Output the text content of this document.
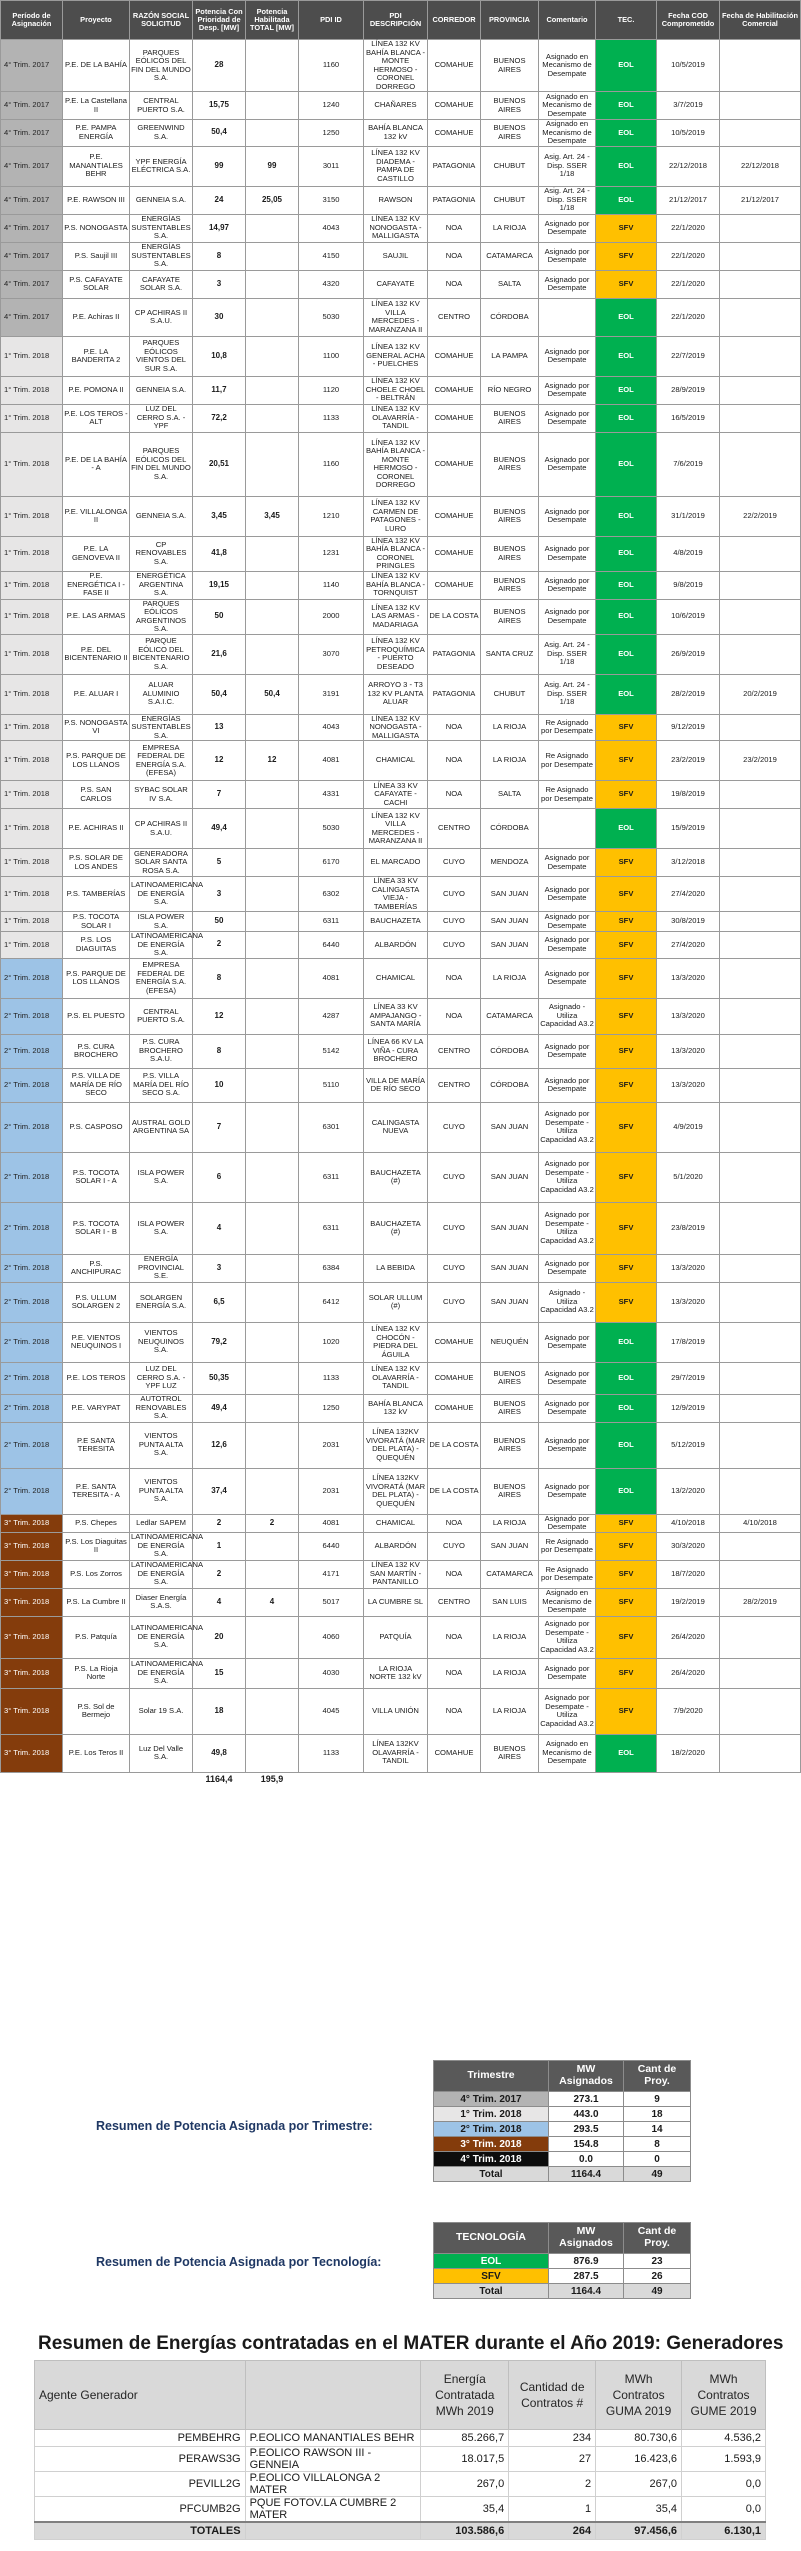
Período de Asignación	Proyecto	RAZÓN SOCIAL SOLICITUD	Potencia Con Prioridad de Desp. [MW]	Potencia Habilitada TOTAL [MW]	PDI ID	PDI DESCRIPCIÓN	CORREDOR	PROVINCIA	Comentario	TEC.	Fecha COD Comprometido	Fecha de Habilitación Comercial
4° Trim. 2017	P.E. DE LA BAHÍA	PARQUES EÓLICOS DEL FIN DEL MUNDO S.A.	28		1160	LÍNEA 132 KV BAHÍA BLANCA - MONTE HERMOSO - CORONEL DORREGO	COMAHUE	BUENOS AIRES	Asignado en Mecanismo de Desempate	EOL	10/5/2019	
4° Trim. 2017	P.E. La Castellana II	CENTRAL PUERTO S.A.	15,75		1240	CHAÑARES	COMAHUE	BUENOS AIRES	Asignado en Mecanismo de Desempate	EOL	3/7/2019	
4° Trim. 2017	P.E. PAMPA ENERGÍA	GREENWIND S.A.	50,4		1250	BAHÍA BLANCA 132 kV	COMAHUE	BUENOS AIRES	Asignado en Mecanismo de Desempate	EOL	10/5/2019	
4° Trim. 2017	P.E. MANANTIALES BEHR	YPF ENERGÍA ELÉCTRICA S.A.	99	99	3011	LÍNEA 132 KV DIADEMA - PAMPA DE CASTILLO	PATAGONIA	CHUBUT	Asig. Art. 24 - Disp. SSER 1/18	EOL	22/12/2018	22/12/2018
4° Trim. 2017	P.E. RAWSON III	GENNEIA S.A.	24	25,05	3150	RAWSON	PATAGONIA	CHUBUT	Asig. Art. 24 - Disp. SSER 1/18	EOL	21/12/2017	21/12/2017
4° Trim. 2017	P.S. NONOGASTA	ENERGÍAS SUSTENTABLES S.A.	14,97		4043	LÍNEA 132 KV NONOGASTA - MALLIGASTA	NOA	LA RIOJA	Asignado por Desempate	SFV	22/1/2020	
4° Trim. 2017	P.S. Saujil III	ENERGÍAS SUSTENTABLES S.A.	8		4150	SAUJIL	NOA	CATAMARCA	Asignado por Desempate	SFV	22/1/2020	
4° Trim. 2017	P.S. CAFAYATE SOLAR	CAFAYATE SOLAR S.A.	3		4320	CAFAYATE	NOA	SALTA	Asignado por Desempate	SFV	22/1/2020	
4° Trim. 2017	P.E. Achiras II	CP ACHIRAS II S.A.U.	30		5030	LÍNEA 132 KV VILLA MERCEDES - MARANZANA II	CENTRO	CÓRDOBA		EOL	22/1/2020	
1° Trim. 2018	P.E. LA BANDERITA 2	PARQUES EÓLICOS VIENTOS DEL SUR S.A.	10,8		1100	LÍNEA 132 KV GENERAL ACHA - PUELCHES	COMAHUE	LA PAMPA	Asignado por Desempate	EOL	22/7/2019	
1° Trim. 2018	P.E. POMONA II	GENNEIA S.A.	11,7		1120	LÍNEA 132 KV CHOELE CHOEL - BELTRÁN	COMAHUE	RÍO NEGRO	Asignado por Desempate	EOL	28/9/2019	
1° Trim. 2018	P.E. LOS TEROS - ALT	LUZ DEL CERRO S.A. - YPF	72,2		1133	LÍNEA 132 KV OLAVARRÍA - TANDIL	COMAHUE	BUENOS AIRES	Asignado por Desempate	EOL	16/5/2019	
1° Trim. 2018	P.E. DE LA BAHÍA - A	PARQUES EÓLICOS DEL FIN DEL MUNDO S.A.	20,51		1160	LÍNEA 132 KV BAHÍA BLANCA - MONTE HERMOSO - CORONEL DORREGO	COMAHUE	BUENOS AIRES	Asignado por Desempate	EOL	7/6/2019	
1° Trim. 2018	P.E. VILLALONGA II	GENNEIA S.A.	3,45	3,45	1210	LÍNEA 132 KV CARMEN DE PATAGONES - LURO	COMAHUE	BUENOS AIRES	Asignado por Desempate	EOL	31/1/2019	22/2/2019
1° Trim. 2018	P.E. LA GENOVEVA II	CP RENOVABLES S.A.	41,8		1231	LÍNEA 132 KV BAHÍA BLANCA - CORONEL PRINGLES	COMAHUE	BUENOS AIRES	Asignado por Desempate	EOL	4/8/2019	
1° Trim. 2018	P.E. ENERGÉTICA I - FASE II	ENERGÉTICA ARGENTINA S.A.	19,15		1140	LÍNEA 132 KV BAHÍA BLANCA - TORNQUIST	COMAHUE	BUENOS AIRES	Asignado por Desempate	EOL	9/8/2019	
1° Trim. 2018	P.E. LAS ARMAS	PARQUES EÓLICOS ARGENTINOS S.A.	50		2000	LÍNEA 132 KV LAS ARMAS - MADARIAGA	DE LA COSTA	BUENOS AIRES	Asignado por Desempate	EOL	10/6/2019	
1° Trim. 2018	P.E. DEL BICENTENARIO II	PARQUE EÓLICO DEL BICENTENARIO S.A.	21,6		3070	LÍNEA 132 KV PETROQUÍMICA - PUERTO DESEADO	PATAGONIA	SANTA CRUZ	Asig. Art. 24 - Disp. SSER 1/18	EOL	26/9/2019	
1° Trim. 2018	P.E. ALUAR I	ALUAR ALUMINIO S.A.I.C.	50,4	50,4	3191	ARROYO 3 - T3 132 KV PLANTA ALUAR	PATAGONIA	CHUBUT	Asig. Art. 24 - Disp. SSER 1/18	EOL	28/2/2019	20/2/2019
1° Trim. 2018	P.S. NONOGASTA VI	ENERGÍAS SUSTENTABLES S.A.	13		4043	LÍNEA 132 KV NONOGASTA - MALLIGASTA	NOA	LA RIOJA	Re Asignado por Desempate	SFV	9/12/2019	
1° Trim. 2018	P.S. PARQUE DE LOS LLANOS	EMPRESA FEDERAL DE ENERGÍA S.A. (EFESA)	12	12	4081	CHAMICAL	NOA	LA RIOJA	Re Asignado por Desempate	SFV	23/2/2019	23/2/2019
1° Trim. 2018	P.S. SAN CARLOS	SYBAC SOLAR IV S.A.	7		4331	LÍNEA 33 KV CAFAYATE - CACHI	NOA	SALTA	Re Asignado por Desempate	SFV	19/8/2019	
1° Trim. 2018	P.E. ACHIRAS II	CP ACHIRAS II S.A.U.	49,4		5030	LÍNEA 132 KV VILLA MERCEDES - MARANZANA II	CENTRO	CÓRDOBA		EOL	15/9/2019	
1° Trim. 2018	P.S. SOLAR DE LOS ANDES	GENERADORA SOLAR SANTA ROSA S.A.	5		6170	EL MARCADO	CUYO	MENDOZA	Asignado por Desempate	SFV	3/12/2018	
1° Trim. 2018	P.S. TAMBERÍAS	LATINOAMERICANA DE ENERGÍA S.A.	3		6302	LÍNEA 33 KV CALINGASTA VIEJA - TAMBERÍAS	CUYO	SAN JUAN	Asignado por Desempate	SFV	27/4/2020	
1° Trim. 2018	P.S. TOCOTA SOLAR I	ISLA POWER S.A.	50		6311	BAUCHAZETA	CUYO	SAN JUAN	Asignado por Desempate	SFV	30/8/2019	
1° Trim. 2018	P.S. LOS DIAGUITAS	LATINOAMERICANA DE ENERGÍA S.A.	2		6440	ALBARDÓN	CUYO	SAN JUAN	Asignado por Desempate	SFV	27/4/2020	
2° Trim. 2018	P.S. PARQUE DE LOS LLANOS	EMPRESA FEDERAL DE ENERGÍA S.A. (EFESA)	8		4081	CHAMICAL	NOA	LA RIOJA	Asignado por Desempate	SFV	13/3/2020	
2° Trim. 2018	P.S. EL PUESTO	CENTRAL PUERTO S.A.	12		4287	LÍNEA 33 KV AMPAJANGO - SANTA MARÍA	NOA	CATAMARCA	Asignado - Utiliza Capacidad A3.2	SFV	13/3/2020	
2° Trim. 2018	P.S. CURA BROCHERO	P.S. CURA BROCHERO S.A.U.	8		5142	LÍNEA 66 KV LA VIÑA - CURA BROCHERO	CENTRO	CÓRDOBA	Asignado por Desempate	SFV	13/3/2020	
2° Trim. 2018	P.S. VILLA DE MARÍA DE RÍO SECO	P.S. VILLA MARÍA DEL RÍO SECO S.A.	10		5110	VILLA DE MARÍA DE RÍO SECO	CENTRO	CÓRDOBA	Asignado por Desempate	SFV	13/3/2020	
2° Trim. 2018	P.S. CASPOSO	AUSTRAL GOLD ARGENTINA SA	7		6301	CALINGASTA NUEVA	CUYO	SAN JUAN	Asignado por Desempate - Utiliza Capacidad A3.2	SFV	4/9/2019	
2° Trim. 2018	P.S. TOCOTA SOLAR I - A	ISLA POWER S.A.	6		6311	BAUCHAZETA (#)	CUYO	SAN JUAN	Asignado por Desempate - Utiliza Capacidad A3.2	SFV	5/1/2020	
2° Trim. 2018	P.S. TOCOTA SOLAR I - B	ISLA POWER S.A.	4		6311	BAUCHAZETA (#)	CUYO	SAN JUAN	Asignado por Desempate - Utiliza Capacidad A3.2	SFV	23/8/2019	
2° Trim. 2018	P.S. ANCHIPURAC	ENERGÍA PROVINCIAL S.E.	3		6384	LA BEBIDA	CUYO	SAN JUAN	Asignado por Desempate	SFV	13/3/2020	
2° Trim. 2018	P.S. ULLUM SOLARGEN 2	SOLARGEN ENERGÍA S.A.	6,5		6412	SOLAR ULLUM (#)	CUYO	SAN JUAN	Asignado - Utiliza Capacidad A3.2	SFV	13/3/2020	
2° Trim. 2018	P.E. VIENTOS NEUQUINOS I	VIENTOS NEUQUINOS S.A.	79,2		1020	LÍNEA 132 KV CHOCÓN - PIEDRA DEL ÁGUILA	COMAHUE	NEUQUÉN	Asignado por Desempate	EOL	17/8/2019	
2° Trim. 2018	P.E. LOS TEROS	LUZ DEL CERRO S.A. - YPF LUZ	50,35		1133	LÍNEA 132 KV OLAVARRÍA - TANDIL	COMAHUE	BUENOS AIRES	Asignado por Desempate	EOL	29/7/2019	
2° Trim. 2018	P.E. VARYPAT	AUTOTROL RENOVABLES S.A.	49,4		1250	BAHÍA BLANCA 132 kV	COMAHUE	BUENOS AIRES	Asignado por Desempate	EOL	12/9/2019	
2° Trim. 2018	P.E SANTA TERESITA	VIENTOS PUNTA ALTA S.A.	12,6		2031	LÍNEA 132KV VIVORATÁ (MAR DEL PLATA) - QUEQUÉN	DE LA COSTA	BUENOS AIRES	Asignado por Desempate	EOL	5/12/2019	
2° Trim. 2018	P.E. SANTA TERESITA - A	VIENTOS PUNTA ALTA S.A.	37,4		2031	LÍNEA 132KV VIVORATÁ (MAR DEL PLATA) - QUEQUÉN	DE LA COSTA	BUENOS AIRES	Asignado por Desempate	EOL	13/2/2020	
3° Trim. 2018	P.S. Chepes	Ledlar SAPEM	2	2	4081	CHAMICAL	NOA	LA RIOJA	Asignado por Desempate	SFV	4/10/2018	4/10/2018
3° Trim. 2018	P.S. Los Diaguitas II	LATINOAMERICANA DE ENERGÍA S.A.	1		6440	ALBARDÓN	CUYO	SAN JUAN	Re Asignado por Desempate	SFV	30/3/2020	
3° Trim. 2018	P.S. Los Zorros	LATINOAMERICANA DE ENERGÍA S.A.	2		4171	LÍNEA 132 KV SAN MARTÍN - PANTANILLO	NOA	CATAMARCA	Re Asignado por Desempate	SFV	18/7/2020	
3° Trim. 2018	P.S. La Cumbre II	Diaser Energía S.A.S.	4	4	5017	LA CUMBRE SL	CENTRO	SAN LUIS	Asignado en Mecanismo de Desempate	SFV	19/2/2019	28/2/2019
3° Trim. 2018	P.S. Patquía	LATINOAMERICANA DE ENERGÍA S.A.	20		4060	PATQUÍA	NOA	LA RIOJA	Asignado por Desempate - Utiliza Capacidad A3.2	SFV	26/4/2020	
3° Trim. 2018	P.S. La Rioja Norte	LATINOAMERICANA DE ENERGÍA S.A.	15		4030	LA RIOJA NORTE 132 kV	NOA	LA RIOJA	Asignado por Desempate	SFV	26/4/2020	
3° Trim. 2018	P.S. Sol de Bermejo	Solar 19 S.A.	18		4045	VILLA UNIÓN	NOA	LA RIOJA	Asignado por Desempate - Utiliza Capacidad A3.2	SFV	7/9/2020	
3° Trim. 2018	P.E. Los Teros II	Luz Del Valle S.A.	49,8		1133	LÍNEA 132KV OLAVARRÍA - TANDIL	COMAHUE	BUENOS AIRES	Asignado en Mecanismo de Desempate	EOL	18/2/2020	
			1164,4	195,9								
Resumen de Potencia Asignada por Trimestre:
Trimestre	MW Asignados	Cant de Proy.
4° Trim. 2017	273.1	9
1° Trim. 2018	443.0	18
2° Trim. 2018	293.5	14
3° Trim. 2018	154.8	8
4° Trim. 2018	0.0	0
Total	1164.4	49
Resumen de Potencia Asignada por Tecnología:
TECNOLOGÍA	MW Asignados	Cant de Proy.
EOL	876.9	23
SFV	287.5	26
Total	1164.4	49
Resumen de Energías contratadas en el MATER durante el Año 2019: Generadores
Agente Generador		Energía Contratada MWh 2019	Cantidad de Contratos #	MWh Contratos GUMA 2019	MWh Contratos GUME 2019
PEMBEHRG	P.EOLICO MANANTIALES BEHR	85.266,7	234	80.730,6	4.536,2
PERAWS3G	P.EOLICO RAWSON III - GENNEIA	18.017,5	27	16.423,6	1.593,9
PEVILL2G	P.EOLICO VILLALONGA 2 MATER	267,0	2	267,0	0,0
PFCUMB2G	PQUE FOTOV.LA CUMBRE 2 MATER	35,4	1	35,4	0,0
TOTALES		103.586,6	264	97.456,6	6.130,1
